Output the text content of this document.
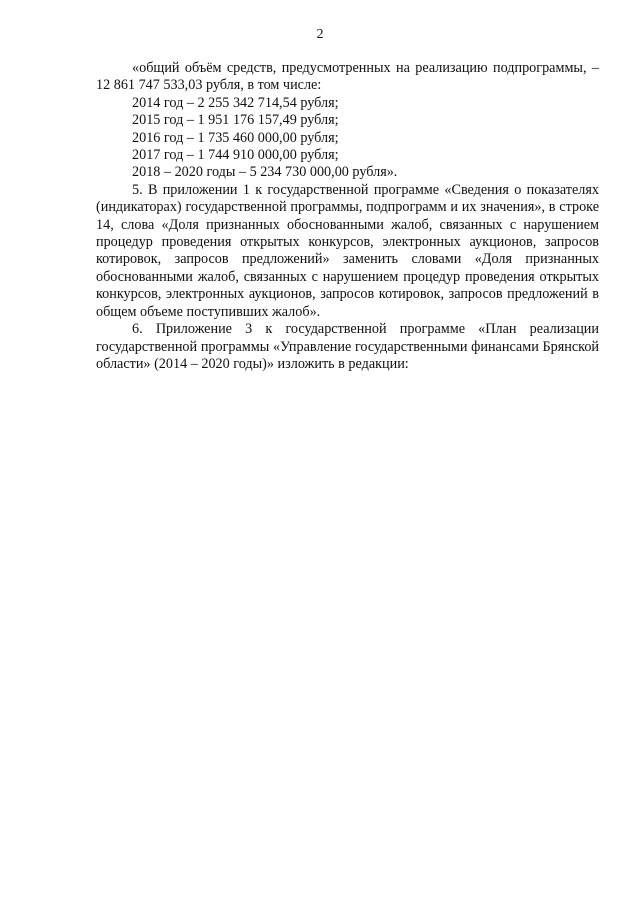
2

«общий объём средств, предусмотренных на реализацию подпрограммы, – 12 861 747 533,03 рубля, в том числе:

2014 год – 2 255 342 714,54 рубля;
2015 год – 1 951 176 157,49 рубля;
2016 год – 1 735 460 000,00 рубля;
2017 год – 1 744 910 000,00 рубля;
2018 – 2020 годы – 5 234 730 000,00 рубля».

5. В приложении 1 к государственной программе «Сведения о показателях (индикаторах) государственной программы, подпрограмм и их значения», в строке 14, слова «Доля признанных обоснованными жалоб, связанных с нарушением процедур проведения открытых конкурсов, электронных аукционов, запросов котировок, запросов предложений» заменить словами «Доля признанных обоснованными жалоб, связанных с нарушением процедур проведения открытых конкурсов, электронных аукционов, запросов котировок, запросов предложений в общем объеме поступивших жалоб».

6. Приложение 3 к государственной программе «План реализации государственной программы «Управление государственными финансами Брянской области» (2014 – 2020 годы)» изложить в редакции:
